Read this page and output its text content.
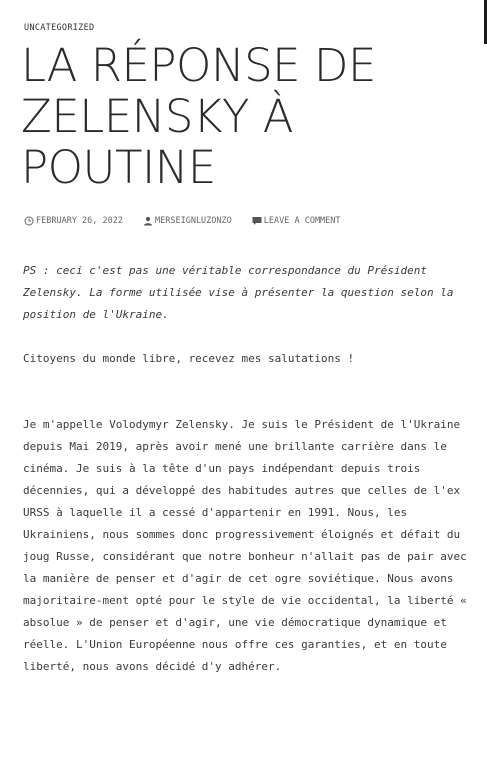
UNCATEGORIZED
LA RÉPONSE DE
ZELENSKY À
POUTINE
FEBRUARY 26, 2022	MERSEIGNLUZONZO	LEAVE A COMMENT

PS : ceci c'est pas une véritable correspondance du Président Zelensky. La forme utilisée vise à présenter la question selon la position de l'Ukraine.

Citoyens du monde libre, recevez mes salutations !

Je m'appelle Volodymyr Zelensky. Je suis le Président de l'Ukraine depuis Mai 2019, après avoir mené une brillante carrière dans le cinéma. Je suis à la tête d'un pays indépendant depuis trois décennies, qui a développé des habitudes autres que celles de l'ex URSS à laquelle il a cessé d'appartenir en 1991. Nous, les Ukrainiens, nous sommes donc progressivement éloignés et défait du joug Russe, considérant que notre bonheur n'allait pas de pair avec la manière de penser et d'agir de cet ogre soviétique. Nous avons majoritaire-ment opté pour le style de vie occidental, la liberté « absolue » de penser et d'agir, une vie démocratique dynamique et réelle. L'Union Européenne nous offre ces garanties, et en toute liberté, nous avons décidé d'y adhérer.
